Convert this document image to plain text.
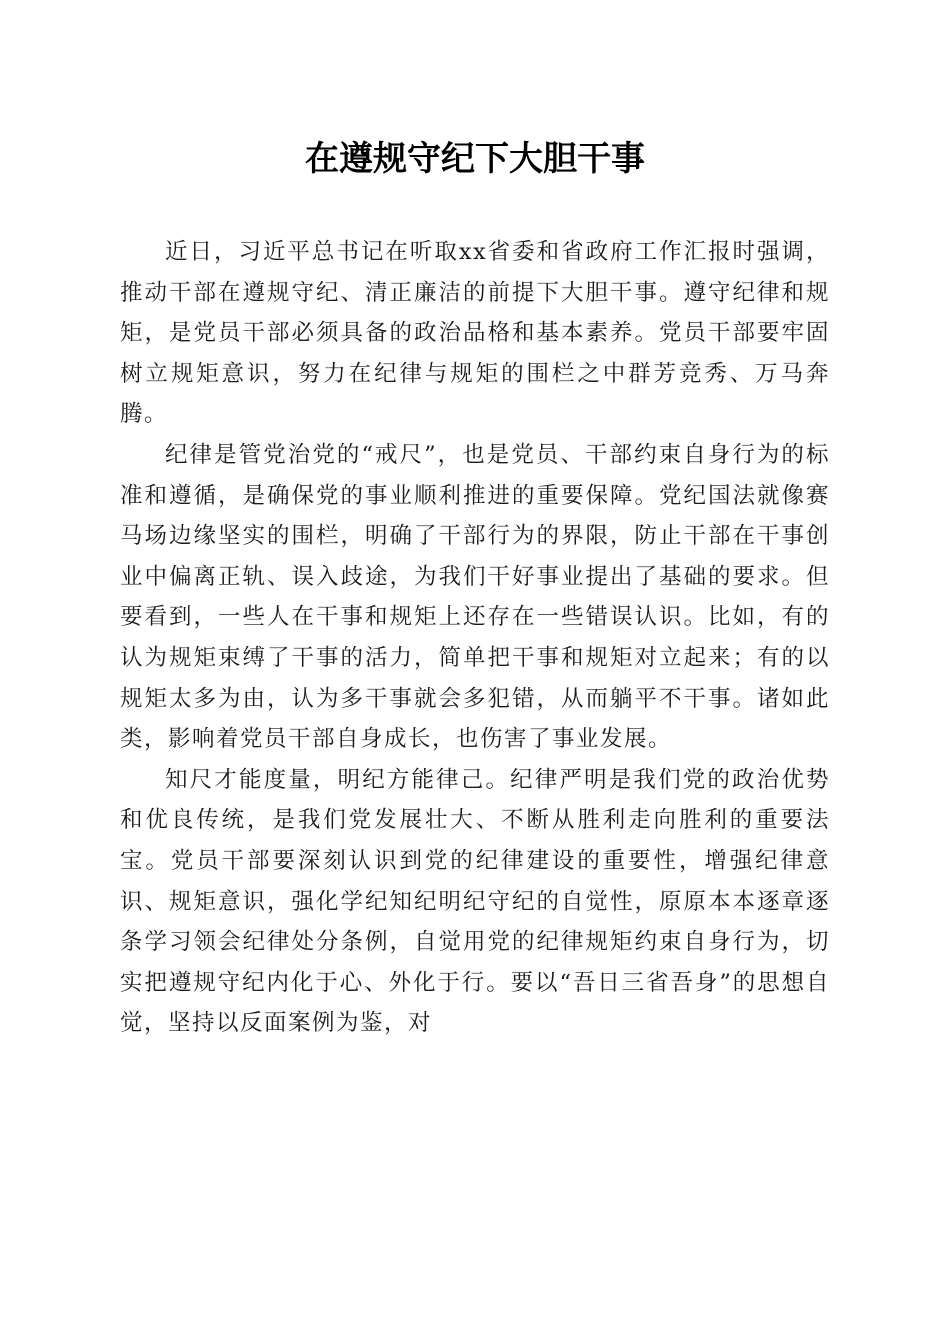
在遵规守纪下大胆干事

近日，习近平总书记在听取xx省委和省政府工作汇报时强调，推动干部在遵规守纪、清正廉洁的前提下大胆干事。遵守纪律和规矩，是党员干部必须具备的政治品格和基本素养。党员干部要牢固树立规矩意识，努力在纪律与规矩的围栏之中群芳竞秀、万马奔腾。

纪律是管党治党的“戒尺”，也是党员、干部约束自身行为的标准和遵循，是确保党的事业顺利推进的重要保障。党纪国法就像赛马场边缘坚实的围栏，明确了干部行为的界限，防止干部在干事创业中偏离正轨、误入歧途，为我们干好事业提出了基础的要求。但要看到，一些人在干事和规矩上还存在一些错误认识。比如，有的认为规矩束缚了干事的活力，简单把干事和规矩对立起来；有的以规矩太多为由，认为多干事就会多犯错，从而躺平不干事。诸如此类，影响着党员干部自身成长，也伤害了事业发展。

知尺才能度量，明纪方能律己。纪律严明是我们党的政治优势和优良传统，是我们党发展壮大、不断从胜利走向胜利的重要法宝。党员干部要深刻认识到党的纪律建设的重要性，增强纪律意识、规矩意识，强化学纪知纪明纪守纪的自觉性，原原本本逐章逐条学习领会纪律处分条例，自觉用党的纪律规矩约束自身行为，切实把遵规守纪内化于心、外化于行。要以“吾日三省吾身”的思想自觉，坚持以反面案例为鉴，对
